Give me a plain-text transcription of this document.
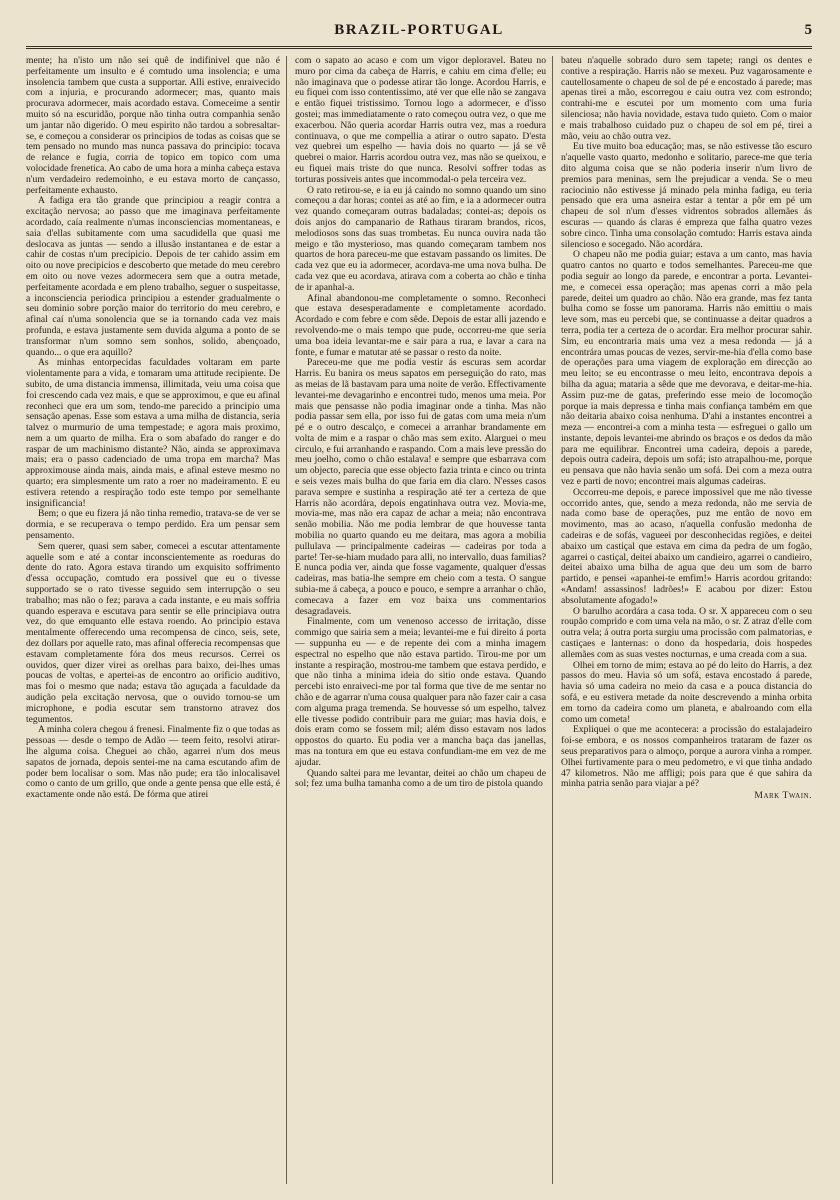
BRAZIL-PORTUGAL	5

mente; ha n'isto um não sei quê de indifinivel que não é perfeitamente um insulto e é comtudo uma insolencia; e uma insolencia tambem que custa a supportar. Alli estive, enraivecido com a injuria, e procurando adormecer; mas, quanto mais procurava adormecer, mais acordado estava. Comeceime a sentir muito só na escuridão, porque não tinha outra companhia senão um jantar não digerido. O meu espirito não tardou a sobresaltar-se, e começou a considerar os principios de todas as coisas que se tem pensado no mundo mas nunca passava do principio: tocava de relance e fugia, corria de topico em topico com uma volocidade frenetica. Ao cabo de uma hora a minha cabeça estava n'um verdadeiro redemoinho, e eu estava morto de cançasso, perfeitamente exhausto.

A fadiga era tão grande que principiou a reagir contra a excitação nervosa; ao passo que me imaginava perfeitamente acordado, caía realmente n'umas inconsciencias momentaneas, e saia d'ellas subitamente com uma sacudidella que quasi me deslocava as juntas — sendo a illusão instantanea e de estar a cahir de costas n'um precipicio. Depois de ter cahido assim em oito ou nove precipicios e descoberto que metade do meu cerebro em oito ou nove vezes adormecera sem que a outra metade, perfeitamente acordada e em pleno trabalho, seguer o suspeitasse, a inconsciencia periodica principiou a estender gradualmente o seu dominio sobre porção maior do territorio do meu cerebro, e afinal caí n'uma sonolencia que se ia tornando cada vez mais profunda, e estava justamente sem duvida alguma a ponto de se transformar n'um somno sem sonhos, solido, abençoado, quando... o que era aquillo?

As minhas entorpecidas faculdades voltaram em parte violentamente para a vida, e tomaram uma attitude recipiente. De subito, de uma distancia immensa, illimitada, veiu uma coisa que foi crescendo cada vez mais, e que se approximou, e que eu afinal reconheci que era um som, tendo-me parecido a principio uma sensação apenas. Esse som estava a uma milha de distancia, seria talvez o murmurio de uma tempestade; e agora mais proximo, nem a um quarto de milha. Era o som abafado do ranger e do raspar de um machinismo distante? Não, ainda se approximava mais; era o passo cadenciado de uma tropa em marcha? Mas approximouse ainda mais, ainda mais, e afinal esteve mesmo no quarto; era simplesmente um rato a roer no madeiramento. E eu estivera retendo a respiração todo este tempo por semelhante insignificancia!

Bem; o que eu fizera já não tinha remedio, tratava-se de ver se dormia, e se recuperava o tempo perdido. Era um pensar sem pensamento.

Sem querer, quasi sem saber, comecei a escutar attentamente aquelle som e até a contar inconscientemente as roeduras do dente do rato. Agora estava tirando um exquisito soffrimento d'essa occupação, comtudo era possivel que eu o tivesse supportado se o rato tivesse seguido sem interrupção o seu trabalho; mas não o fez; parava a cada instante, e eu mais soffria quando esperava e escutava para sentir se elle principiava outra vez, do que emquanto elle estava roendo. Ao principio estava mentalmente offerecendo uma recompensa de cinco, seis, sete, dez dollars por aquelle rato, mas afinal offerecia recompensas que estavam completamente fóra dos meus recursos. Cerrei os ouvidos, quer dizer virei as orelhas para baixo, dei-lhes umas poucas de voltas, e apertei-as de encontro ao orificio auditivo, mas foi o mesmo que nada; estava tão aguçada a faculdade da audição pela excitação nervosa, que o ouvido tornou-se um microphone, e podia escutar sem transtorno atravez dos tegumentos.

A minha colera chegou á frenesi. Finalmente fiz o que todas as pessoas — desde o tempo de Adão — teem feito, resolvi atirar-lhe alguma coisa. Cheguei ao chão, agarrei n'um dos meus sapatos de jornada, depois sentei-me na cama escutando afim de poder bem localisar o som. Mas não pude; era tão inlocalisavel como o canto de um grillo, que onde a gente pensa que elle está, é exactamente onde não está. De fórma que atirei

com o sapato ao acaso e com um vigor deploravel. Bateu no muro por cima da cabeça de Harris, e cahiu em cima d'elle; eu não imaginava que o podesse atirar tão longe. Acordou Harris, e eu fiquei com isso contentissimo, até ver que elle não se zangava e então fiquei tristissimo. Tornou logo a adormecer, e d'isso gostei; mas immediatamente o rato começou outra vez, o que me exacerbou. Não queria acordar Harris outra vez, mas a roedura continuava, o que me compellia a atirar o outro sapato. D'esta vez quebrei um espelho — havia dois no quarto — já se vê quebrei o maior. Harris acordou outra vez, mas não se queixou, e eu fiquei mais triste do que nunca. Resolvi soffrer todas as torturas possiveis antes que incommodal-o pela terceira vez.

O rato retirou-se, e ia eu já caindo no somno quando um sino começou a dar horas; contei as até ao fim, e ia a adormecer outra vez quando começaram outras badaladas; contei-as; depois os dois anjos do campanario de Rathaus tiraram brandos, ricos, melodiosos sons das suas trombetas. Eu nunca ouvira nada tão meigo e tão mysterioso, mas quando começaram tambem nos quartos de hora pareceu-me que estavam passando os limites. De cada vez que eu ia adormecer, acordava-me uma nova bulha. De cada vez que eu acordava, atirava com a coberta ao chão e tinha de ir apanhal-a.

Afinal abandonou-me completamente o somno. Reconheci que estava desesperadamente e completamente acordado. Acordado e com febre e com sêde. Depois de estar alli jazendo e revolvendo-me o mais tempo que pude, occorreu-me que seria uma boa ideia levantar-me e sair para a rua, e lavar a cara na fonte, e fumar e matutar até se passar o resto da noite.

Pareceu-me que me podia vestir ás escuras sem acordar Harris. Eu banira os meus sapatos em perseguição do rato, mas as meias de lã bastavam para uma noite de verão. Effectivamente levantei-me devagarinho e encontrei tudo, menos uma meia. Por mais que pensasse não podia imaginar onde a tinha. Mas não podia passar sem ella, por isso fui de gatas com uma meia n'um pé e o outro descalço, e comecei a arranhar brandamente em volta de mim e a raspar o chão mas sem exito. Alarguei o meu circulo, e fui arranhando e raspando. Com a mais leve pressão do meu joelho, como o chão estalava! e sempre que esbarrava com um objecto, parecia que esse objecto fazia trinta e cinco ou trinta e seis vezes mais bulha do que faria em dia claro. N'esses casos parava sempre e sustinha a respiração até ter a certeza de que Harris não acordára, depois engatinhava outra vez. Movia-me, movia-me, mas não era capaz de achar a meia; não encontrava senão mobilia. Não me podia lembrar de que houvesse tanta mobilia no quarto quando eu me deitara, mas agora a mobilia pullulava — principalmente cadeiras — cadeiras por toda a parte! Ter-se-hiam mudado para alli, no intervallo, duas familias? E nunca podia ver, ainda que fosse vagamente, qualquer d'essas cadeiras, mas batia-lhe sempre em cheio com a testa. O sangue subia-me á cabeça, a pouco e pouco, e sempre a arranhar o chão, comecava a fazer em voz baixa uns commentarios desagradaveis.

Finalmente, com um venenoso accesso de irritação, disse commigo que sairia sem a meia; levantei-me e fui direito á porta — suppunha eu — e de repente dei com a minha imagem espectral no espelho que não estava partido. Tirou-me por um instante a respiração, mostrou-me tambem que estava perdido, e que não tinha a minima ideia do sitio onde estava. Quando percebi isto enraiveci-me por tal forma que tive de me sentar no chão e de agarrar n'uma cousa qualquer para não fazer cair a casa com alguma praga tremenda. Se houvesse só um espelho, talvez elle tivesse podido contribuir para me guiar; mas havia dois, e dois eram como se fossem mil; além disso estavam nos lados oppostos do quarto. Eu podia ver a mancha baça das janellas, mas na tontura em que eu estava confundiam-me em vez de me ajudar.

Quando saltei para me levantar, deitei ao chão um chapeu de sol; fez uma bulha tamanha como a de um tiro de pistola quando

bateu n'aquelle sobrado duro sem tapete; rangi os dentes e contive a respiração. Harris não se mexeu. Puz vagarosamente e cautellosamente o chapeu de sol de pé e encostado á parede; mas apenas tirei a mão, escorregou e caiu outra vez com estrondo; contrahi-me e escutei por um momento com uma furia silenciosa; não havia novidade, estava tudo quieto. Com o maior e mais trabalhoso cuidado puz o chapeu de sol em pé, tirei a mão, veiu ao chão outra vez.

Eu tive muito boa educação; mas, se não estivesse tão escuro n'aquelle vasto quarto, medonho e solitario, parece-me que teria dito alguma coisa que se não poderia inserir n'um livro de premios para meninas, sem lhe prejudicar a venda. Se o meu raciocinio não estivesse já minado pela minha fadiga, eu teria pensado que era uma asneira estar a tentar a pôr em pé um chapeu de sol n'um d'esses vidrentos sobrados allemães ás escuras — quando ás claras é empreza que falha quatro vezes sobre cinco. Tinha uma consolação comtudo: Harris estava ainda silencioso e socegado. Não acordára.

O chapeu não me podia guiar; estava a um canto, mas havia quatro cantos no quarto e todos semelhantes. Pareceu-me que podia seguir ao longo da parede, e encontrar a porta. Levantei-me, e comecei essa operação; mas apenas corri a mão pela parede, deitei um quadro ao chão. Não era grande, mas fez tanta bulha como se fosse um panorama. Harris não emittiu o mais leve som, mas eu percebi que, se continuasse a deitar quadros a terra, podia ter a certeza de o acordar. Era melhor procurar sahir. Sim, eu encontraria mais uma vez a mesa redonda — já a encontrára umas poucas de vezes, servir-me-hia d'ella como base de operações para uma viagem de exploração em direcção ao meu leito; se eu encontrasse o meu leito, encontrava depois a bilha da agua; mataria a sêde que me devorava, e deitar-me-hia. Assim puz-me de gatas, preferindo esse meio de locomoção porque ia mais depressa e tinha mais confiança também em que não deitaria abaixo coisa nenhuma. D'ahi a instantes encontrei a meza — encontrei-a com a minha testa — esfreguei o gallo um instante, depois levantei-me abrindo os braços e os dedos da mão para me equilibrar. Encontrei uma cadeira, depois a parede, depois outra cadeira, depois um sofá; isto atrapalhou-me, porque eu pensava que não havia senão um sofá. Dei com a meza outra vez e parti de novo; encontrei mais algumas cadeiras.

Occorreu-me depois, e parece impossivel que me não tivesse occorrido antes, que, sendo a meza redonda, não me servia de nada como base de operações, puz me então de novo em movimento, mas ao acaso, n'aquella confusão medonha de cadeiras e de sofás, vagueei por desconhecidas regiões, e deitei abaixo um castiçal que estava em cima da pedra de um fogão, agarrei o castiçal, deitei abaixo um candieiro, agarrei o candieiro, deitei abaixo uma bilha de agua que deu um som de barro partido, e pensei «apanhei-te emfim!» Harris acordou gritando: «Andam! assassinos! ladrões!» E acabou por dizer: Estou absolutamente afogado!»

O barulho acordára a casa toda. O sr. X appareceu com o seu roupão comprido e com uma vela na mão, o sr. Z atraz d'elle com outra vela; á outra porta surgiu uma procissão com palmatorias, e castiçaes e lanternas: o dono da hospedaria, dois hospedes allemães com as suas vestes nocturnas, e uma creada com a sua.

Olhei em torno de mim; estava ao pé do leito do Harris, a dez passos do meu. Havia só um sofá, estava encostado á parede, havia só uma cadeira no meio da casa e a pouca distancia do sofá, e eu estivera metade da noite descrevendo a minha orbita em torno da cadeira como um planeta, e abalroando com ella como um cometa!

Expliquei o que me acontecera: a procissão do estalajadeiro foi-se embora, e os nossos companheiros trataram de fazer os seus preparativos para o almoço, porque a aurora vinha a romper. Olhei furtivamente para o meu pedometro, e vi que tinha andado 47 kilometros. Não me affligi; pois para que é que sahira da minha patria senão para viajar a pé?

Mark Twain.
